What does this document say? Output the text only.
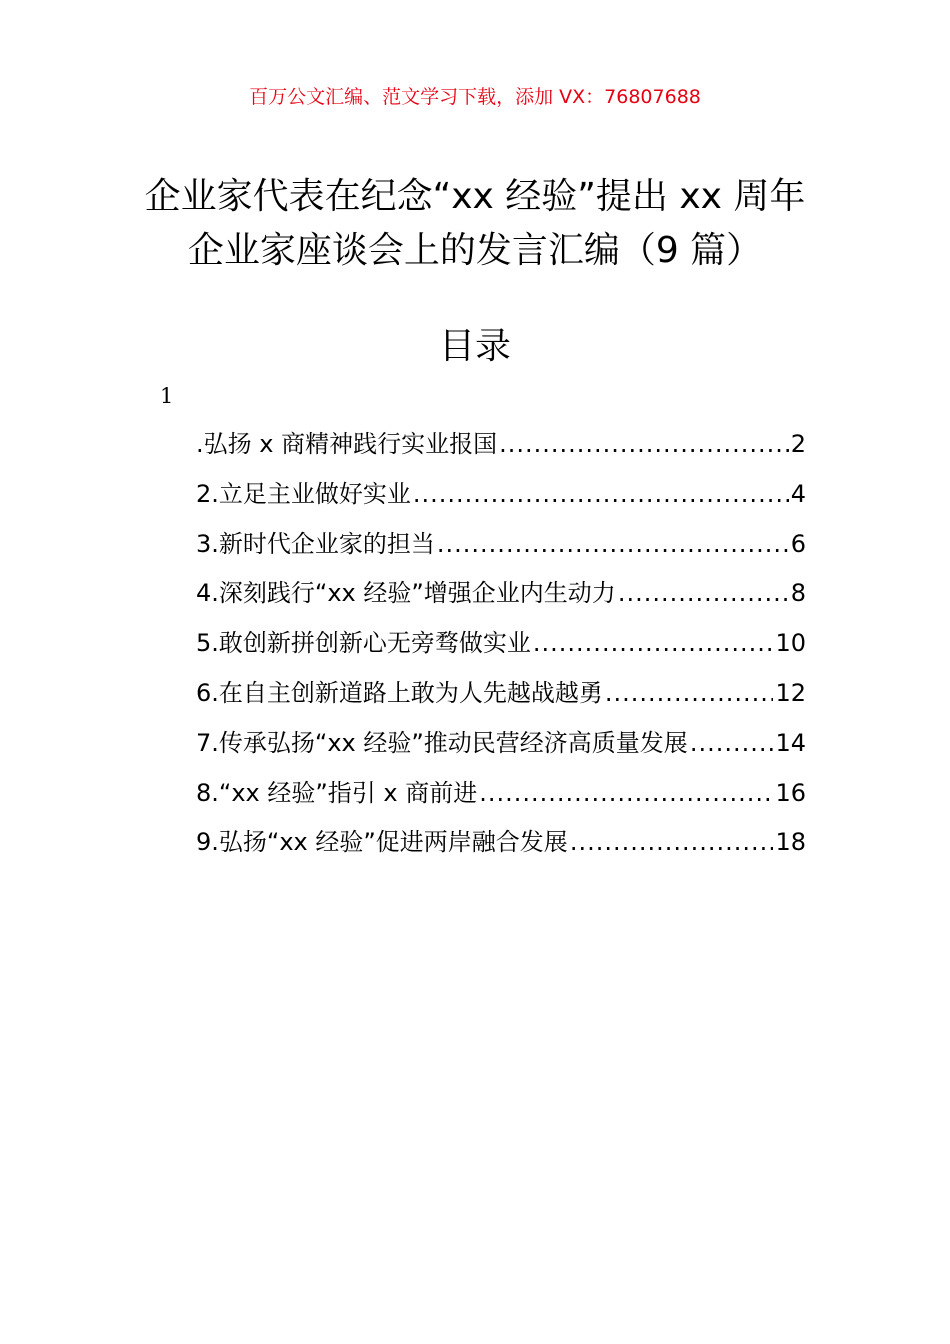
百万公文汇编、范文学习下载，添加 VX：76807688
企业家代表在纪念“xx 经验”提出 xx 周年
企业家座谈会上的发言汇编（9 篇）
目录
1
.弘扬 x 商精神践行实业报国 .....	2
2.立足主业做好实业 .....	4
3.新时代企业家的担当 .....	6
4.深刻践行“xx 经验”增强企业内生动力 .....	8
5.敢创新拼创新心无旁骛做实业 .....	10
6.在自主创新道路上敢为人先越战越勇 .....	12
7.传承弘扬“xx 经验”推动民营经济高质量发展 .....	14
8.“xx 经验”指引 x 商前进 .....	16
9.弘扬“xx 经验”促进两岸融合发展 .....	18
